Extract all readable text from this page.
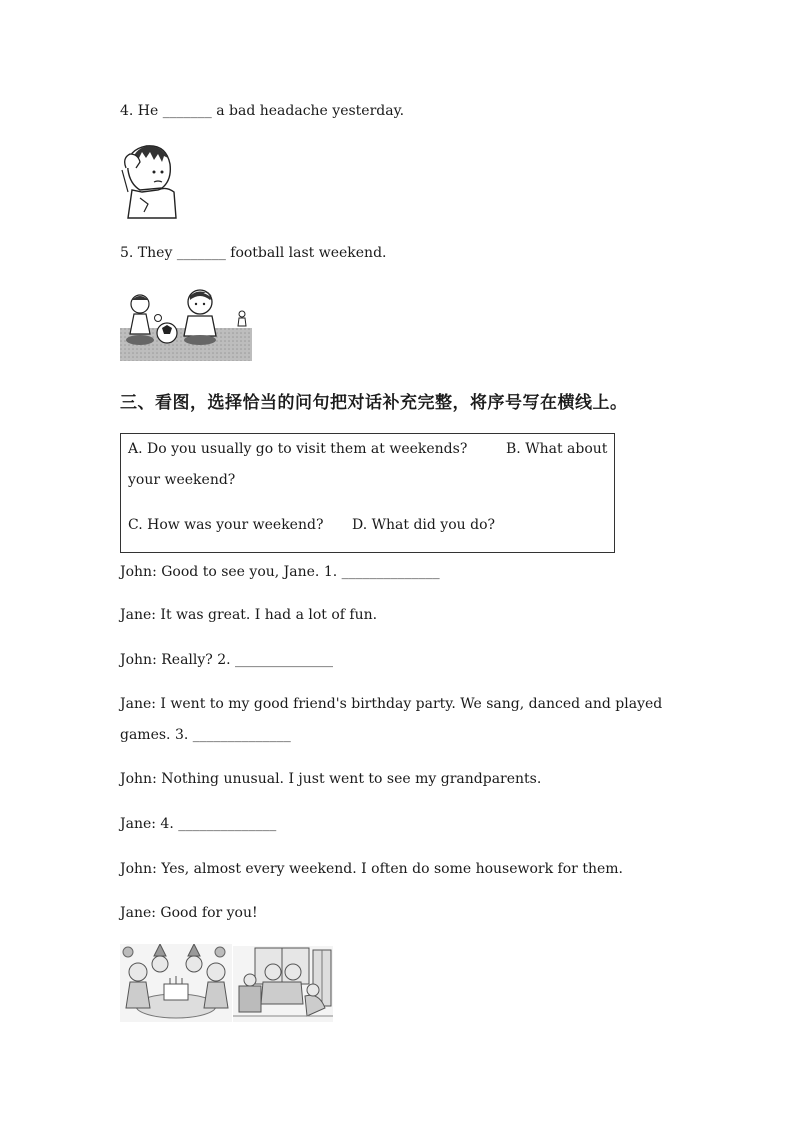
4. He _______ a bad headache yesterday.
5. They _______ football last weekend.
三、看图，选择恰当的问句把对话补充完整，将序号写在横线上。
A. Do you usually go to visit them at weekends?	B. What about
your weekend?
C. How was your weekend? D. What did you do?
John: Good to see you, Jane. 1. ______________
Jane: It was great. I had a lot of fun.
John: Really? 2. ______________
Jane: I went to my good friend's birthday party. We sang, danced and played
games. 3. ______________
John: Nothing unusual. I just went to see my grandparents.
Jane: 4. ______________
John: Yes, almost every weekend. I often do some housework for them.
Jane: Good for you!
